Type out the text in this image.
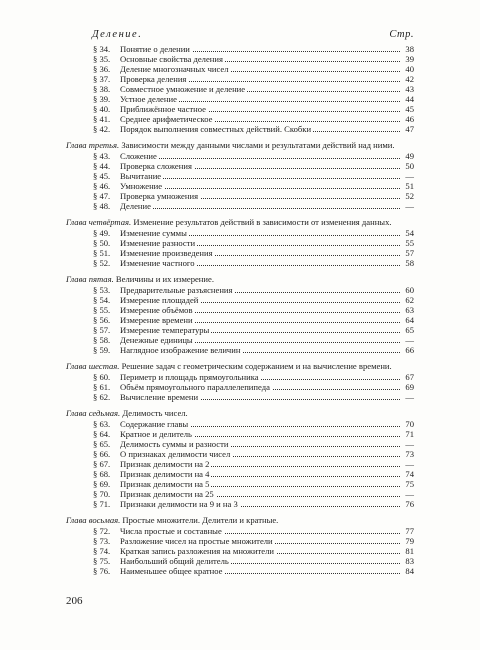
Деление.	Стр.
§ 34.	Понятие о делении	38
§ 35.	Основные свойства деления	39
§ 36.	Деление многозначных чисел	40
§ 37.	Проверка деления	42
§ 38.	Совместное умножение и деление	43
§ 39.	Устное деление	44
§ 40.	Приближённое частное	45
§ 41.	Среднее арифметическое	46
§ 42.	Порядок выполнения совместных действий. Скобки	47
Глава третья. Зависимости между данными числами и результатами действий над ними.
§ 43.	Сложение	49
§ 44.	Проверка сложения	50
§ 45.	Вычитание	—
§ 46.	Умножение	51
§ 47.	Проверка умножения	52
§ 48.	Деление	—
Глава четвёртая. Изменение результатов действий в зависимости от изменения данных.
§ 49.	Изменение суммы	54
§ 50.	Изменение разности	55
§ 51.	Изменение произведения	57
§ 52.	Изменение частного	58
Глава пятая. Величины и их измерение.
§ 53.	Предварительные разъяснения	60
§ 54.	Измерение площадей	62
§ 55.	Измерение объёмов	63
§ 56.	Измерение времени	64
§ 57.	Измерение температуры	65
§ 58.	Денежные единицы	—
§ 59.	Наглядное изображение величин	66
Глава шестая. Решение задач с геометрическим содержанием и на вычисление времени.
§ 60.	Периметр и площадь прямоугольника	67
§ 61.	Объём прямоугольного параллелепипеда	69
§ 62.	Вычисление времени	—
Глава седьмая. Делимость чисел.
§ 63.	Содержание главы	70
§ 64.	Кратное и делитель	71
§ 65.	Делимость суммы и разности	—
§ 66.	О признаках делимости чисел	73
§ 67.	Признак делимости на 2	—
§ 68.	Признак делимости на 4	74
§ 69.	Признак делимости на 5	75
§ 70.	Признак делимости на 25	—
§ 71.	Признаки делимости на 9 и на 3	76
Глава восьмая. Простые множители. Делители и кратные.
§ 72.	Числа простые и составные	77
§ 73.	Разложение чисел на простые множители	79
§ 74.	Краткая запись разложения на множители	81
§ 75.	Наибольший общий делитель	83
§ 76.	Наименьшее общее кратное	84
206
